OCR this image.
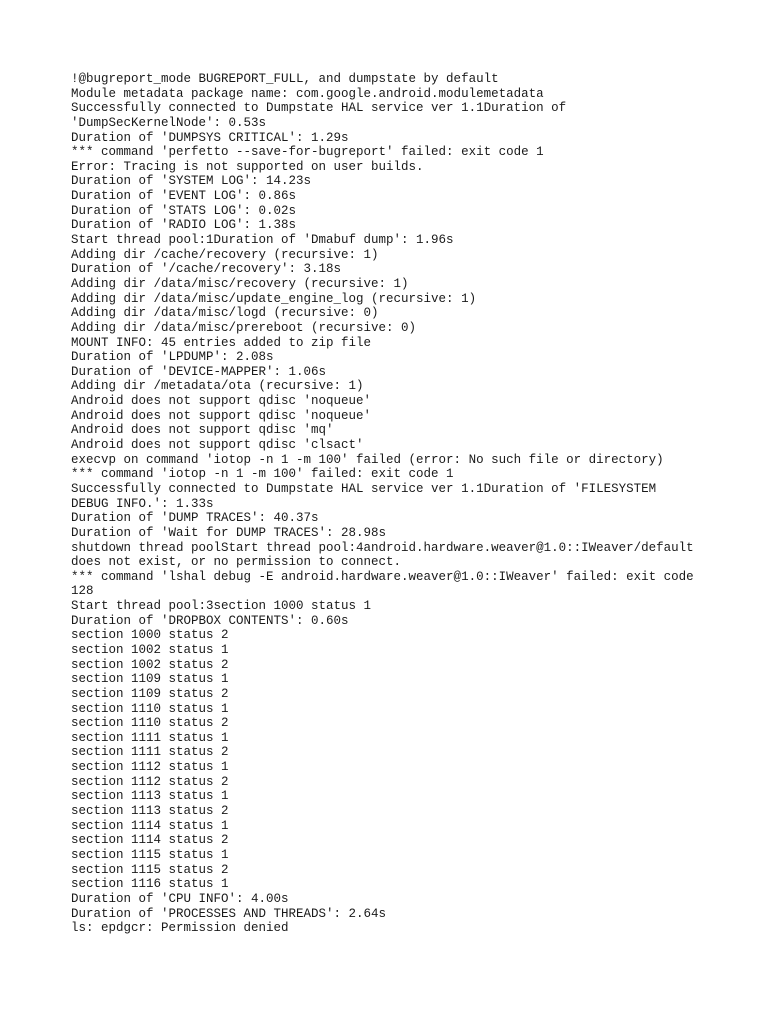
!@bugreport_mode BUGREPORT_FULL, and dumpstate by default
Module metadata package name: com.google.android.modulemetadata
Successfully connected to Dumpstate HAL service ver 1.1Duration of
'DumpSecKernelNode': 0.53s
Duration of 'DUMPSYS CRITICAL': 1.29s
*** command 'perfetto --save-for-bugreport' failed: exit code 1
Error: Tracing is not supported on user builds.
Duration of 'SYSTEM LOG': 14.23s
Duration of 'EVENT LOG': 0.86s
Duration of 'STATS LOG': 0.02s
Duration of 'RADIO LOG': 1.38s
Start thread pool:1Duration of 'Dmabuf dump': 1.96s
Adding dir /cache/recovery (recursive: 1)
Duration of '/cache/recovery': 3.18s
Adding dir /data/misc/recovery (recursive: 1)
Adding dir /data/misc/update_engine_log (recursive: 1)
Adding dir /data/misc/logd (recursive: 0)
Adding dir /data/misc/prereboot (recursive: 0)
MOUNT INFO: 45 entries added to zip file
Duration of 'LPDUMP': 2.08s
Duration of 'DEVICE-MAPPER': 1.06s
Adding dir /metadata/ota (recursive: 1)
Android does not support qdisc 'noqueue'
Android does not support qdisc 'noqueue'
Android does not support qdisc 'mq'
Android does not support qdisc 'clsact'
execvp on command 'iotop -n 1 -m 100' failed (error: No such file or directory)
*** command 'iotop -n 1 -m 100' failed: exit code 1
Successfully connected to Dumpstate HAL service ver 1.1Duration of 'FILESYSTEM
DEBUG INFO.': 1.33s
Duration of 'DUMP TRACES': 40.37s
Duration of 'Wait for DUMP TRACES': 28.98s
shutdown thread poolStart thread pool:4android.hardware.weaver@1.0::IWeaver/default
does not exist, or no permission to connect.
*** command 'lshal debug -E android.hardware.weaver@1.0::IWeaver' failed: exit code
128
Start thread pool:3section 1000 status 1
Duration of 'DROPBOX CONTENTS': 0.60s
section 1000 status 2
section 1002 status 1
section 1002 status 2
section 1109 status 1
section 1109 status 2
section 1110 status 1
section 1110 status 2
section 1111 status 1
section 1111 status 2
section 1112 status 1
section 1112 status 2
section 1113 status 1
section 1113 status 2
section 1114 status 1
section 1114 status 2
section 1115 status 1
section 1115 status 2
section 1116 status 1
Duration of 'CPU INFO': 4.00s
Duration of 'PROCESSES AND THREADS': 2.64s
ls: epdgcr: Permission denied
